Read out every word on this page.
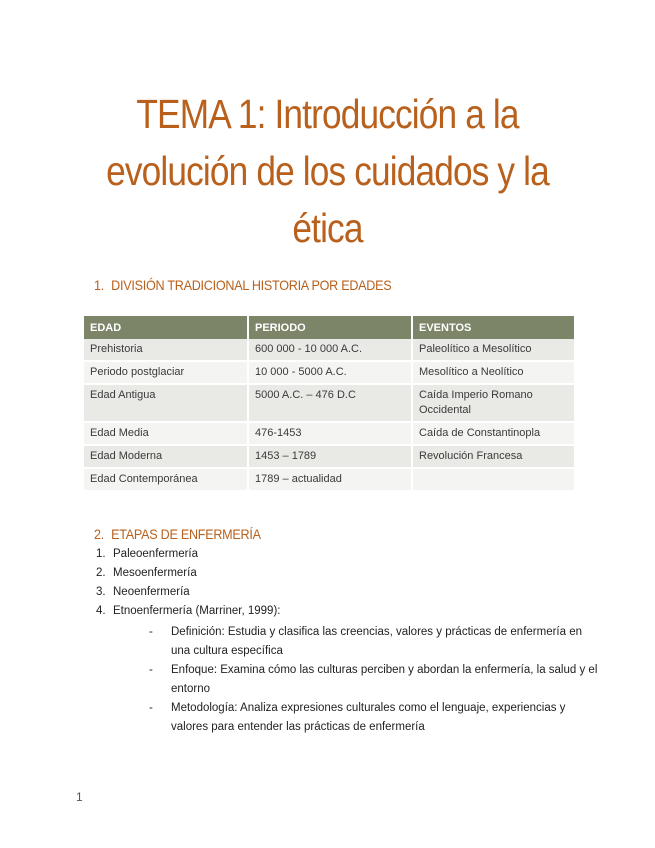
TEMA 1: Introducción a la
evolución de los cuidados y la
ética
1. DIVISIÓN TRADICIONAL HISTORIA POR EDADES
EDAD	PERIODO	EVENTOS
Prehistoria	600 000 - 10 000 A.C.	Paleolítico a Mesolítico
Periodo postglaciar	10 000 - 5000 A.C.	Mesolítico a Neolítico
Edad Antigua	5000 A.C. – 476 D.C	Caída Imperio Romano Occidental
Edad Media	476-1453	Caída de Constantinopla
Edad Moderna	1453 – 1789	Revolución Francesa
Edad Contemporánea	1789 – actualidad	
2. ETAPAS DE ENFERMERÍA
1. Paleoenfermería
2. Mesoenfermería
3. Neoenfermería
4. Etnoenfermería (Marriner, 1999):
- Definición: Estudia y clasifica las creencias, valores y prácticas de enfermería en una cultura específica
- Enfoque: Examina cómo las culturas perciben y abordan la enfermería, la salud y el entorno
- Metodología: Analiza expresiones culturales como el lenguaje, experiencias y valores para entender las prácticas de enfermería
1
